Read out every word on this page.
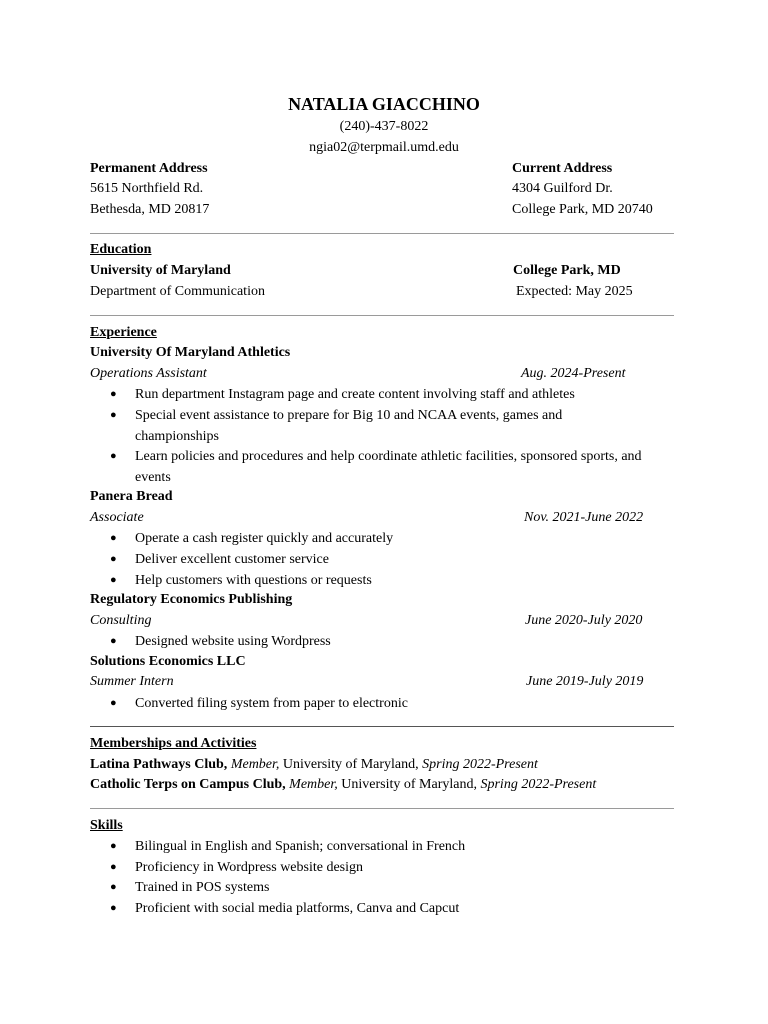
NATALIA GIACCHINO
(240)-437-8022
ngia02@terpmail.umd.edu
Permanent Address
5615 Northfield Rd.
Bethesda, MD 20817
Current Address
4304 Guilford Dr.
College Park, MD 20740
Education
University of Maryland	College Park, MD
Department of Communication	Expected: May 2025
Experience
University Of Maryland Athletics
Operations Assistant	Aug. 2024-Present
●	Run department Instagram page and create content involving staff and athletes
●	Special event assistance to prepare for Big 10 and NCAA events, games and championships
●	Learn policies and procedures and help coordinate athletic facilities, sponsored sports, and events
Panera Bread
Associate	Nov. 2021-June 2022
●	Operate a cash register quickly and accurately
●	Deliver excellent customer service
●	Help customers with questions or requests
Regulatory Economics Publishing
Consulting	June 2020-July 2020
●	Designed website using Wordpress
Solutions Economics LLC
Summer Intern	June 2019-July 2019
●	Converted filing system from paper to electronic
Memberships and Activities
Latina Pathways Club, Member, University of Maryland, Spring 2022-Present
Catholic Terps on Campus Club, Member, University of Maryland, Spring 2022-Present
Skills
●	Bilingual in English and Spanish; conversational in French
●	Proficiency in Wordpress website design
●	Trained in POS systems
●	Proficient with social media platforms, Canva and Capcut
